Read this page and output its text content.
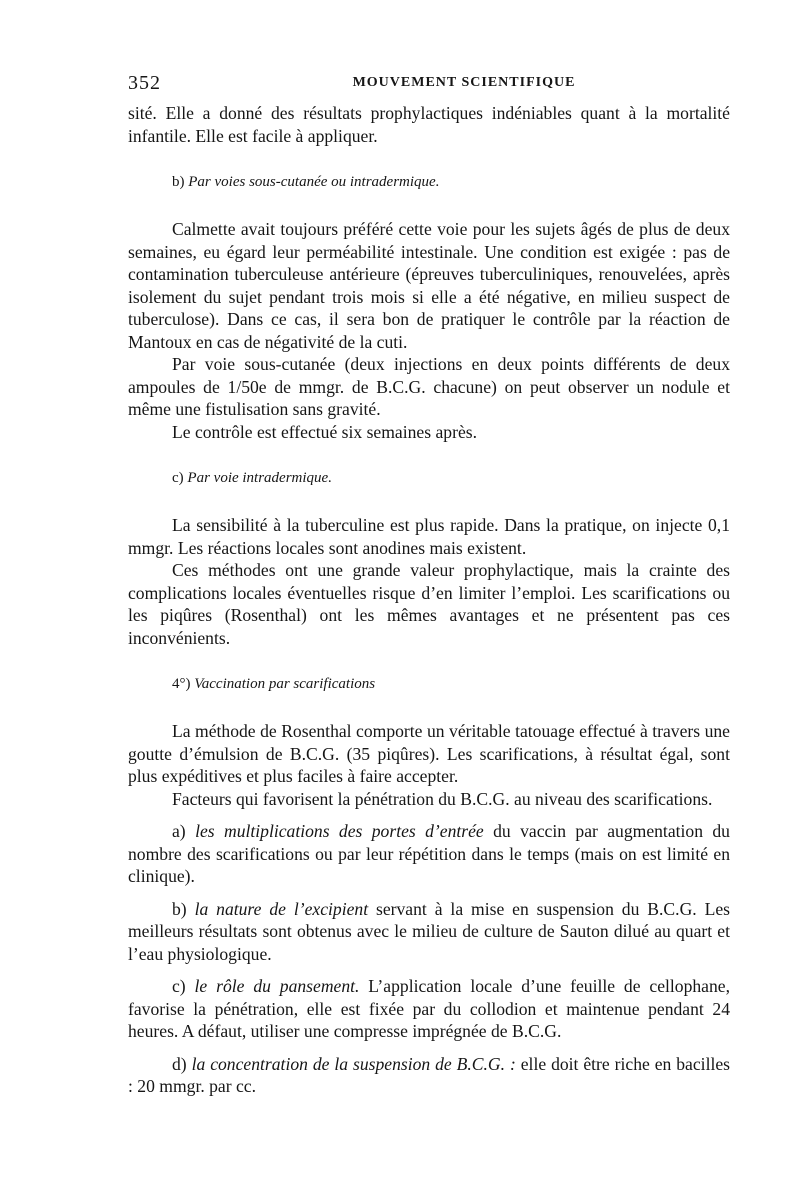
352	MOUVEMENT SCIENTIFIQUE

sité. Elle a donné des résultats prophylactiques indéniables quant à la mortalité infantile. Elle est facile à appliquer.

b) Par voies sous-cutanée ou intradermique.

Calmette avait toujours préféré cette voie pour les sujets âgés de plus de deux semaines, eu égard leur perméabilité intestinale. Une condition est exigée : pas de contamination tuberculeuse antérieure (épreuves tuberculiniques, renouvelées, après isolement du sujet pendant trois mois si elle a été négative, en milieu suspect de tuberculose). Dans ce cas, il sera bon de pratiquer le contrôle par la réaction de Mantoux en cas de négativité de la cuti.

Par voie sous-cutanée (deux injections en deux points différents de deux ampoules de 1/50e de mmgr. de B.C.G. chacune) on peut observer un nodule et même une fistulisation sans gravité.

Le contrôle est effectué six semaines après.

c) Par voie intradermique.

La sensibilité à la tuberculine est plus rapide. Dans la pratique, on injecte 0,1 mmgr. Les réactions locales sont anodines mais existent.

Ces méthodes ont une grande valeur prophylactique, mais la crainte des complications locales éventuelles risque d’en limiter l’emploi. Les scarifications ou les piqûres (Rosenthal) ont les mêmes avantages et ne présentent pas ces inconvénients.

4°) Vaccination par scarifications

La méthode de Rosenthal comporte un véritable tatouage effectué à travers une goutte d’émulsion de B.C.G. (35 piqûres). Les scarifications, à résultat égal, sont plus expéditives et plus faciles à faire accepter.

Facteurs qui favorisent la pénétration du B.C.G. au niveau des scarifications.

a) les multiplications des portes d’entrée du vaccin par augmentation du nombre des scarifications ou par leur répétition dans le temps (mais on est limité en clinique).

b) la nature de l’excipient servant à la mise en suspension du B.C.G. Les meilleurs résultats sont obtenus avec le milieu de culture de Sauton dilué au quart et l’eau physiologique.

c) le rôle du pansement. L’application locale d’une feuille de cellophane, favorise la pénétration, elle est fixée par du collodion et maintenue pendant 24 heures. A défaut, utiliser une compresse imprégnée de B.C.G.

d) la concentration de la suspension de B.C.G. : elle doit être riche en bacilles : 20 mmgr. par cc.
